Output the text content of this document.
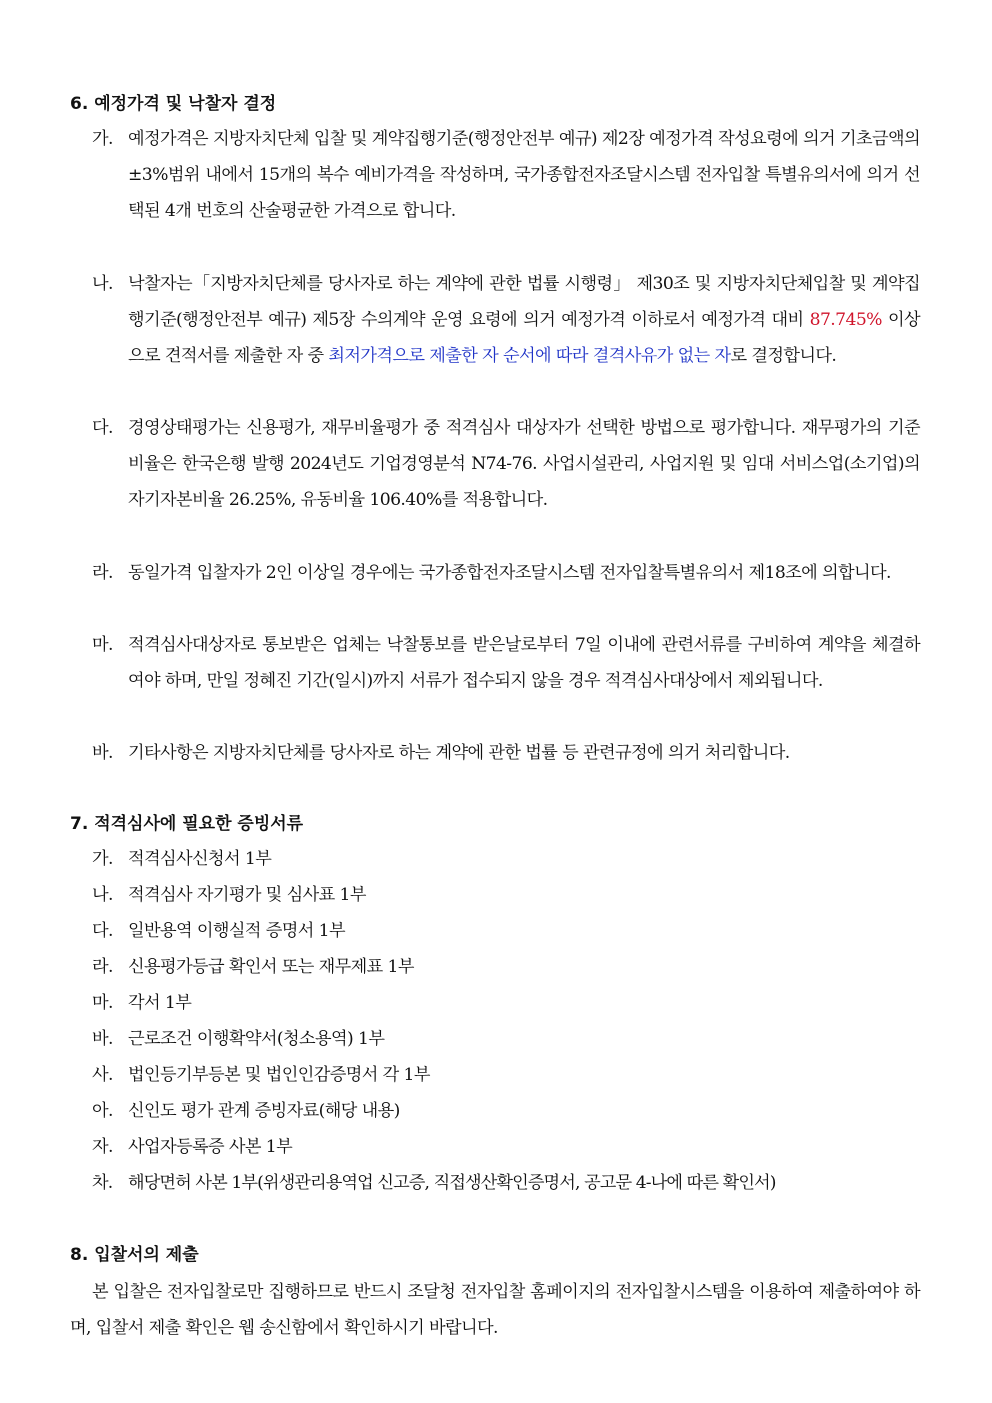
6. 예정가격 및 낙찰자 결정
가. 예정가격은 지방자치단체 입찰 및 계약집행기준(행정안전부 예규) 제2장 예정가격 작성요령에 의거 기초금액의 ±3%범위 내에서 15개의 복수 예비가격을 작성하며, 국가종합전자조달시스템 전자입찰 특별유의서에 의거 선택된 4개 번호의 산술평균한 가격으로 합니다.
나. 낙찰자는「지방자치단체를 당사자로 하는 계약에 관한 법률 시행령」 제30조 및 지방자치단체입찰 및 계약집행기준(행정안전부 예규) 제5장 수의계약 운영 요령에 의거 예정가격 이하로서 예정가격 대비 87.745% 이상으로 견적서를 제출한 자 중 최저가격으로 제출한 자 순서에 따라 결격사유가 없는 자로 결정합니다.
다. 경영상태평가는 신용평가, 재무비율평가 중 적격심사 대상자가 선택한 방법으로 평가합니다. 재무평가의 기준비율은 한국은행 발행 2024년도 기업경영분석 N74-76. 사업시설관리, 사업지원 및 임대 서비스업(소기업)의 자기자본비율 26.25%, 유동비율 106.40%를 적용합니다.
라. 동일가격 입찰자가 2인 이상일 경우에는 국가종합전자조달시스템 전자입찰특별유의서 제18조에 의합니다.
마. 적격심사대상자로 통보받은 업체는 낙찰통보를 받은날로부터 7일 이내에 관련서류를 구비하여 계약을 체결하여야 하며, 만일 정혜진 기간(일시)까지 서류가 접수되지 않을 경우 적격심사대상에서 제외됩니다.
바. 기타사항은 지방자치단체를 당사자로 하는 계약에 관한 법률 등 관련규정에 의거 처리합니다.
7. 적격심사에 필요한 증빙서류
가. 적격심사신청서 1부
나. 적격심사 자기평가 및 심사표 1부
다. 일반용역 이행실적 증명서 1부
라. 신용평가등급 확인서 또는 재무제표 1부
마. 각서 1부
바. 근로조건 이행확약서(청소용역) 1부
사. 법인등기부등본 및 법인인감증명서 각 1부
아. 신인도 평가 관계 증빙자료(해당 내용)
자. 사업자등록증 사본 1부
차. 해당면허 사본 1부(위생관리용역업 신고증, 직접생산확인증명서, 공고문 4-나에 따른 확인서)
8. 입찰서의 제출
본 입찰은 전자입찰로만 집행하므로 반드시 조달청 전자입찰 홈페이지의 전자입찰시스템을 이용하여 제출하여야 하며, 입찰서 제출 확인은 웹 송신함에서 확인하시기 바랍니다.
